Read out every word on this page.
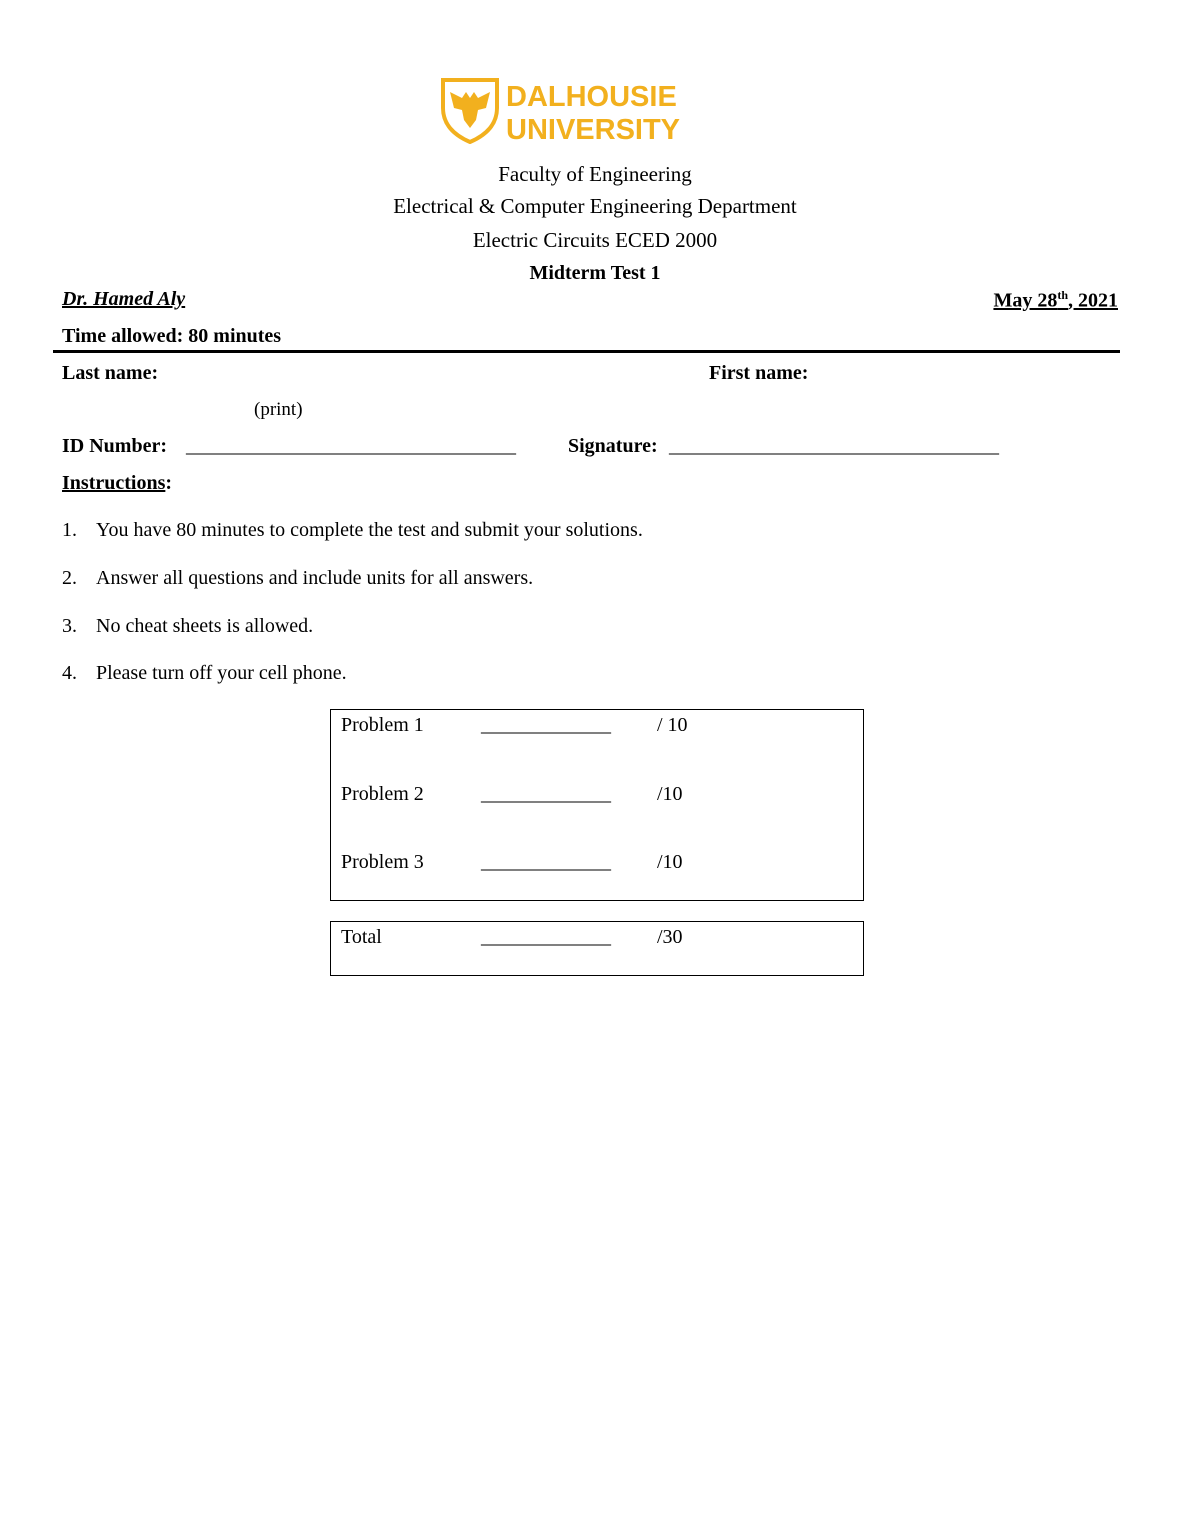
DALHOUSIE
UNIVERSITY
Faculty of Engineering
Electrical & Computer Engineering Department
Electric Circuits ECED 2000
Midterm Test 1
Dr. Hamed Aly	May 28th, 2021
Time allowed: 80 minutes
Last name:	First name:
(print)
ID Number: _________________________________	Signature: _________________________________
Instructions:
1. You have 80 minutes to complete the test and submit your solutions.
2. Answer all questions and include units for all answers.
3. No cheat sheets is allowed.
4. Please turn off your cell phone.
Problem 1	_____________ / 10
Problem 2	_____________ /10
Problem 3	_____________ /10
Total	_____________ /30
